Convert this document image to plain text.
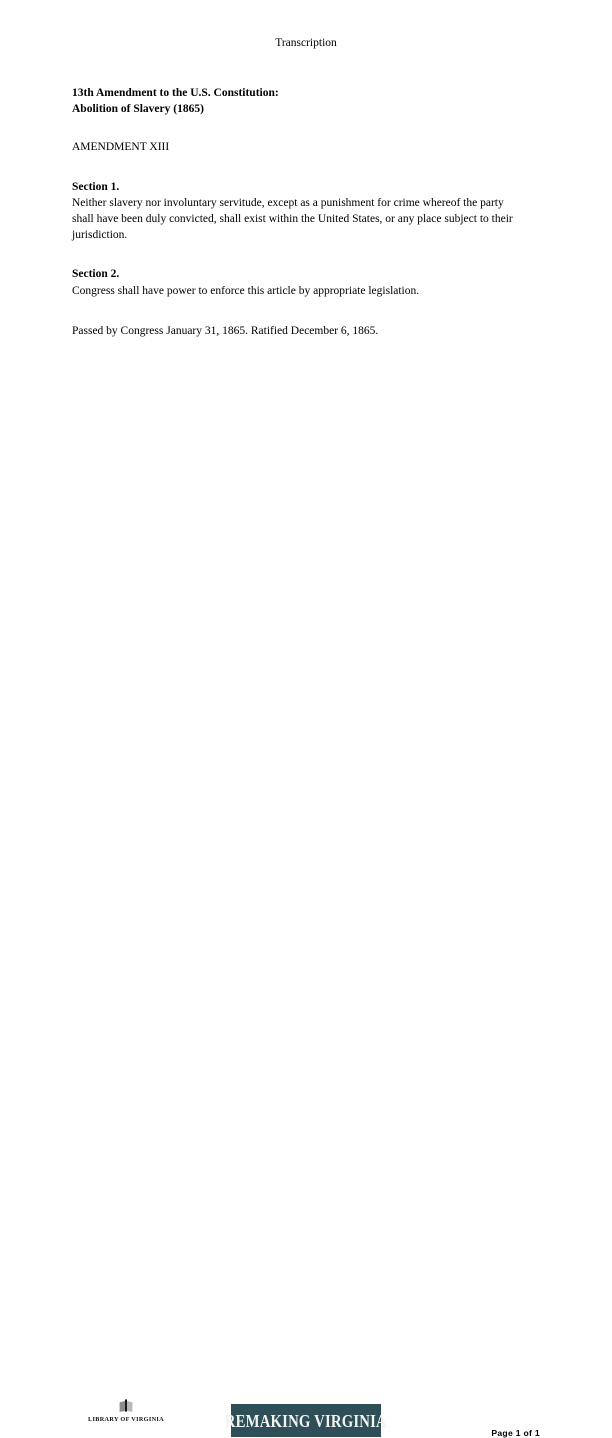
Transcription
13th Amendment to the U.S. Constitution:
Abolition of Slavery (1865)

AMENDMENT XIII

Section 1.

Neither slavery nor involuntary servitude, except as a punishment for crime whereof the party shall have been duly convicted, shall exist within the United States, or any place subject to their jurisdiction.

Section 2.

Congress shall have power to enforce this article by appropriate legislation.

Passed by Congress January 31, 1865. Ratified December 6, 1865.

LIBRARY OF VIRGINIA	REMAKING VIRGINIA
Page 1 of 1
